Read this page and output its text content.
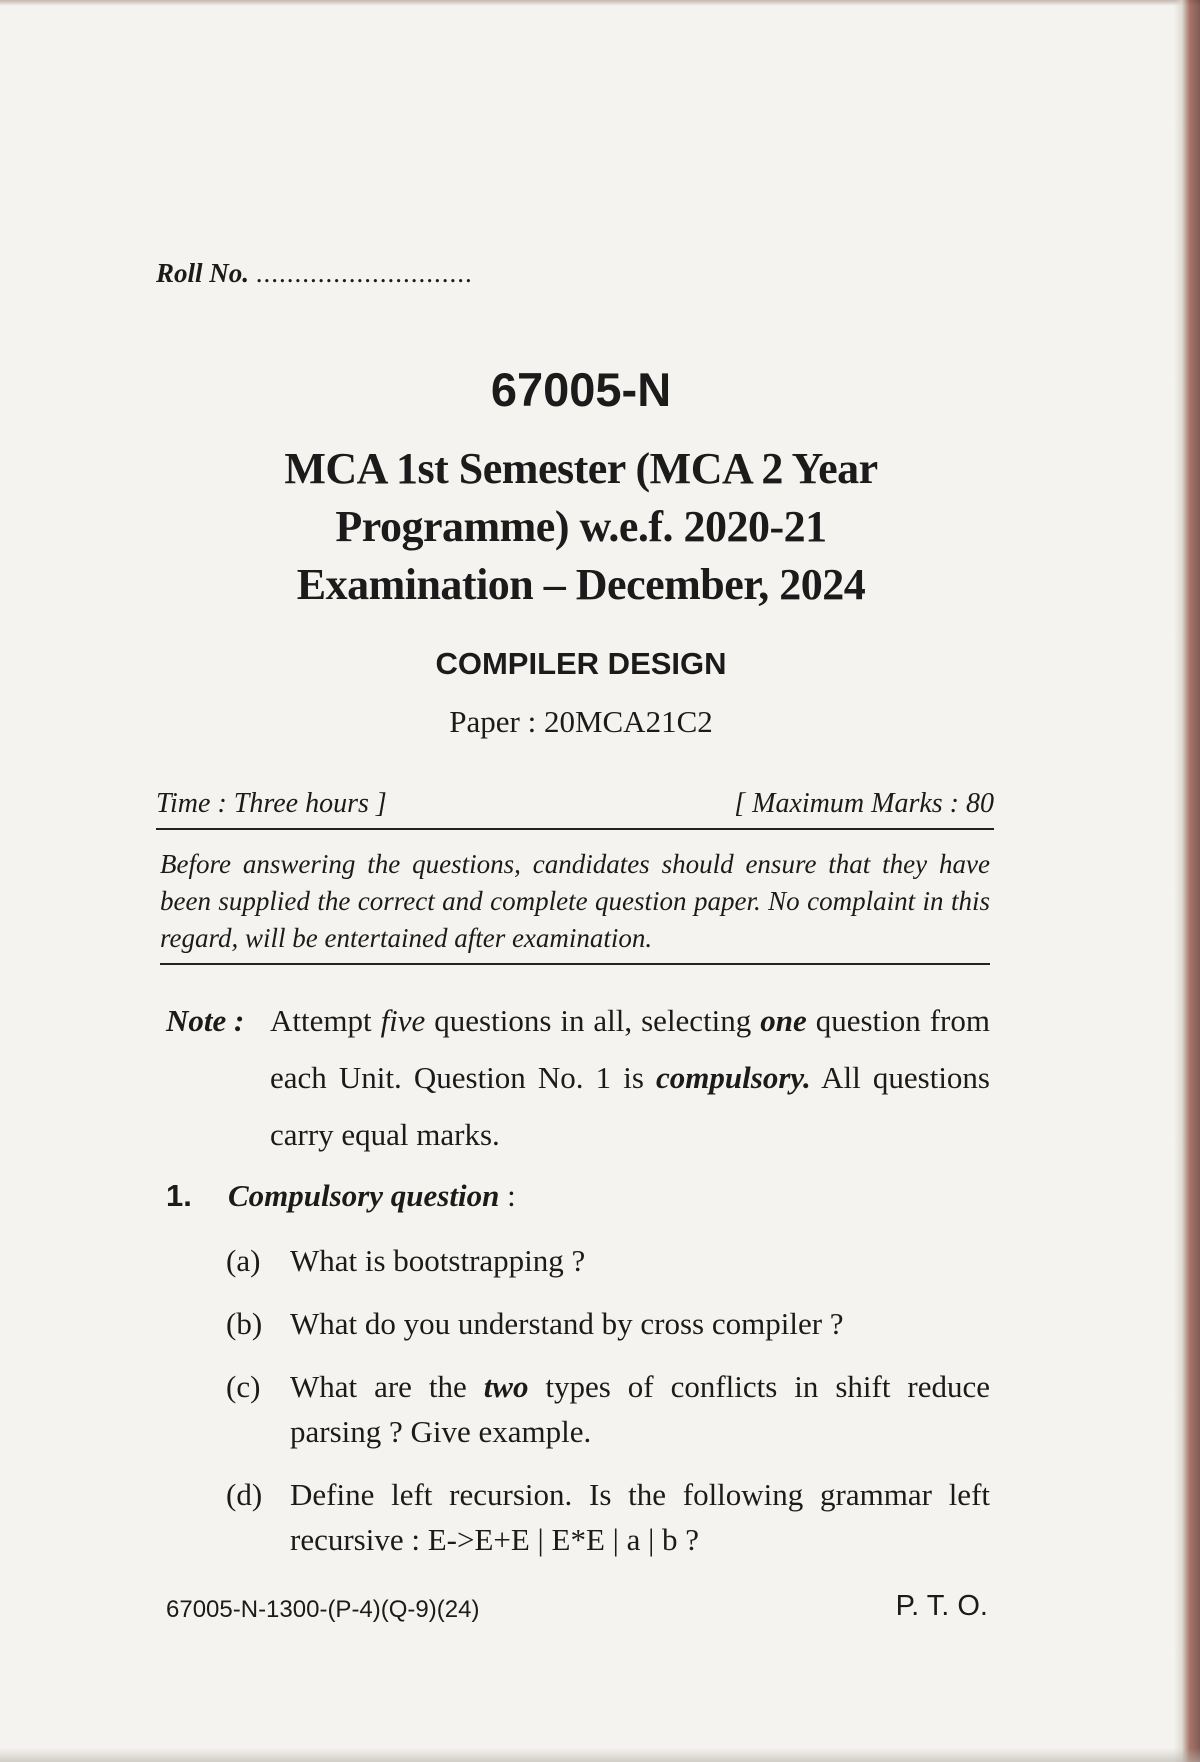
Roll No. ............................
67005-N
MCA 1st Semester (MCA 2 Year
Programme) w.e.f. 2020-21
Examination – December, 2024
COMPILER DESIGN
Paper : 20MCA21C2
Time : Three hours ]	[ Maximum Marks : 80
Before answering the questions, candidates should ensure that they have been supplied the correct and complete question paper. No complaint in this regard, will be entertained after examination.
Note : Attempt five questions in all, selecting one question from each Unit. Question No. 1 is compulsory. All questions carry equal marks.
1.	Compulsory question :
(a) What is bootstrapping ?
(b) What do you understand by cross compiler ?
(c) What are the two types of conflicts in shift reduce parsing ? Give example.
(d) Define left recursion. Is the following grammar left recursive : E->E+E | E*E | a | b ?
67005-N-1300-(P-4)(Q-9)(24)	P. T. O.
